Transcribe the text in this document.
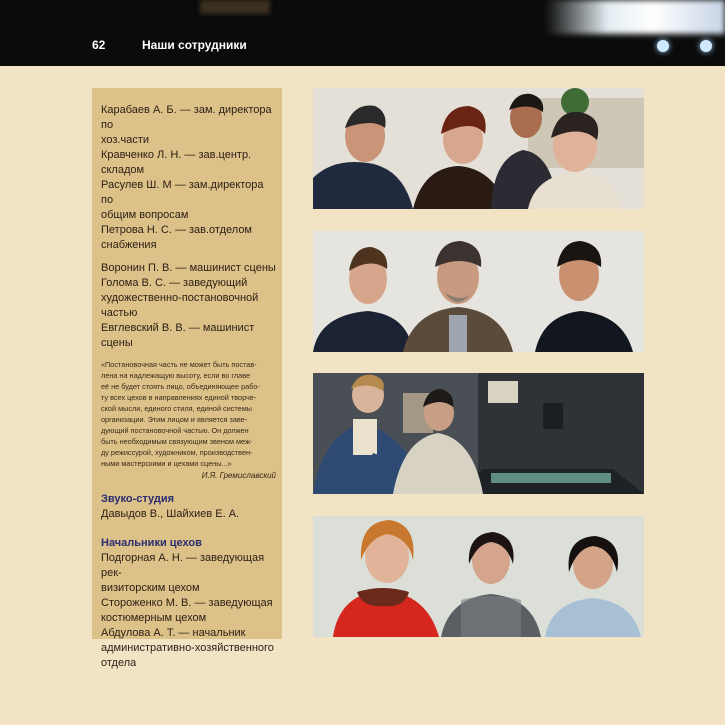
62	Наши сотрудники
Карабаев А. Б. — зам. директора по
хоз.части
Кравченко Л. Н. — зав.центр.
складом
Расулев Ш. М — зам.директора по
общим вопросам
Петрова Н. С. — зав.отделом
снабжения
Воронин П. В. — машинист сцены
Голома В. С. — заведующий
художественно-постановочной
частью
Евглевский В. В. — машинист сцены
«Постановочная часть не может быть постав-
лена на надлежащую высоту, если во главе
её не будет стоять лицо, объединяющее рабо-
ту всех цехов в направлениях единой творче-
ской мысли, единого стиля, единой системы
организации. Этим лицом и является заве-
дующий постановочной частью. Он должен
быть необходимым связующим звеном меж-
ду режиссурой, художником, производствен-
ными мастерскими и цехами сцены...»
И.Я. Гремиславский
Звуко-студия
Давыдов В., Шайхиев Е. А.
Начальники цехов
Подгорная А. Н. — заведующая рек-
визиторским цехом
Стороженко М. В. — заведующая
костюмерным цехом
Абдулова А. Т. — начальник
административно-хозяйственного
отдела
